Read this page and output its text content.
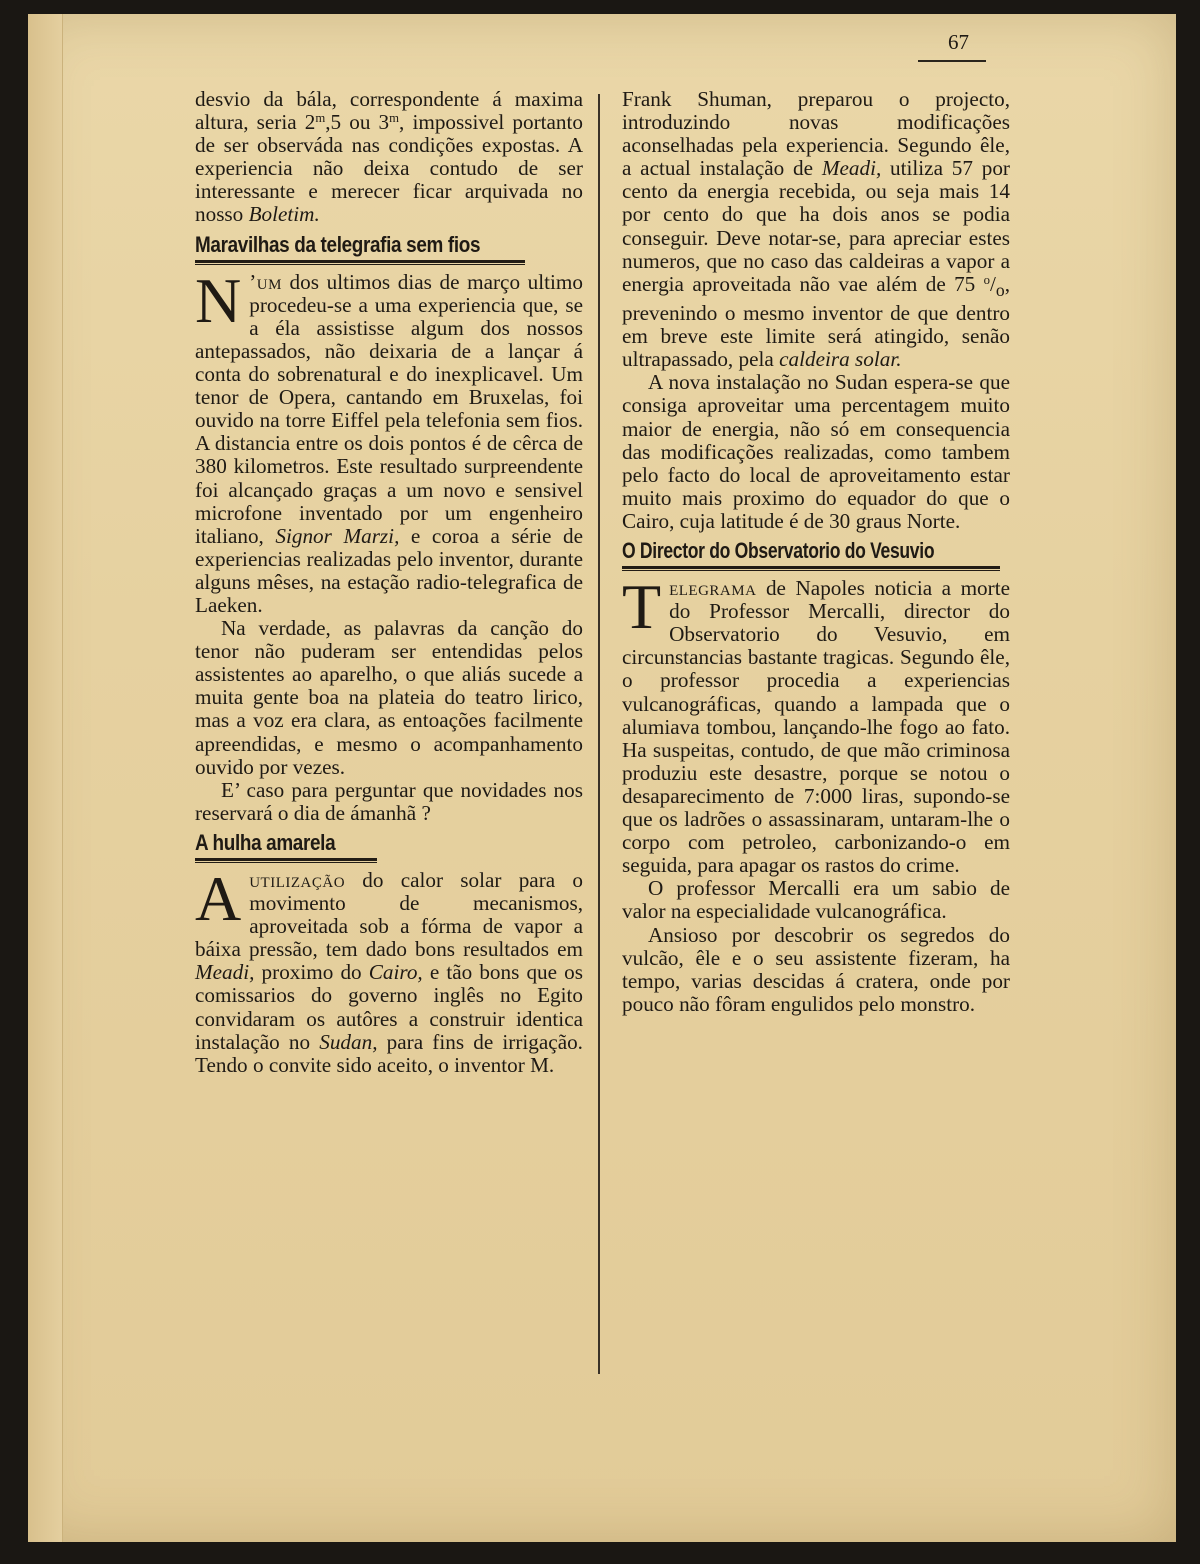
67

desvio da bála, correspondente á maxima altura, seria 2$^m$,5 ou 3$^m$, impossivel portanto de ser observáda nas condições expostas. A experiencia não deixa contudo de ser interessante e merecer ficar arquivada no nosso Boletim.

Maravilhas da telegrafia sem fios

N ’um dos ultimos dias de março ultimo procedeu-se a uma experiencia que, se a éla assistisse algum dos nossos antepassados, não deixaria de a lançar á conta do sobrenatural e do inexplicavel. Um tenor de Opera, cantando em Bruxelas, foi ouvido na torre Eiffel pela telefonia sem fios. A distancia entre os dois pontos é de cêrca de 380 kilometros. Este resultado surpreendente foi alcançado graças a um novo e sensivel microfone inventado por um engenheiro italiano, Signor Marzi, e coroa a série de experiencias realizadas pelo inventor, durante alguns mêses, na estação radio-telegrafica de Laeken.

Na verdade, as palavras da canção do tenor não puderam ser entendidas pelos assistentes ao aparelho, o que aliás sucede a muita gente boa na plateia do teatro lirico, mas a voz era clara, as entoações facilmente apreendidas, e mesmo o acompanhamento ouvido por vezes.

E’ caso para perguntar que novidades nos reservará o dia de ámanhã ?

A hulha amarela

Autilização do calor solar para o movimento de mecanismos, aproveitada sob a fórma de vapor a báixa pressão, tem dado bons resultados em Meadi, proximo do Cairo, e tão bons que os comissarios do governo inglês no Egito convidaram os autôres a construir identica instalação no Sudan, para fins de irrigação. Tendo o convite sido aceito, o inventor M.

Frank Shuman, preparou o projecto, introduzindo novas modificações aconselhadas pela experiencia. Segundo êle, a actual instalação de Meadi, utiliza 57 por cento da energia recebida, ou seja mais 14 por cento do que ha dois anos se podia conseguir. Deve notar-se, para apreciar estes numeros, que no caso das caldeiras a vapor a energia aproveitada não vae além de 75 $^o/_o$, prevenindo o mesmo inventor de que dentro em breve este limite será atingido, senão ultrapassado, pela caldeira solar.

A nova instalação no Sudan espera-se que consiga aproveitar uma percentagem muito maior de energia, não só em consequencia das modificações realizadas, como tambem pelo facto do local de aproveitamento estar muito mais proximo do equador do que o Cairo, cuja latitude é de 30 graus Norte.

O Director do Observatorio do Vesuvio

Telegrama de Napoles noticia a morte do Professor Mercalli, director do Observatorio do Vesuvio, em circunstancias bastante tragicas. Segundo êle, o professor procedia a experiencias vulcanográficas, quando a lampada que o alumiava tombou, lançando-lhe fogo ao fato. Ha suspeitas, contudo, de que mão criminosa produziu este desastre, porque se notou o desaparecimento de 7:000 liras, supondo-se que os ladrões o assassinaram, untaram-lhe o corpo com petroleo, carbonizando-o em seguida, para apagar os rastos do crime.

O professor Mercalli era um sabio de valor na especialidade vulcanográfica.

Ansioso por descobrir os segredos do vulcão, êle e o seu assistente fizeram, ha tempo, varias descidas á cratera, onde por pouco não fôram engulidos pelo monstro.
